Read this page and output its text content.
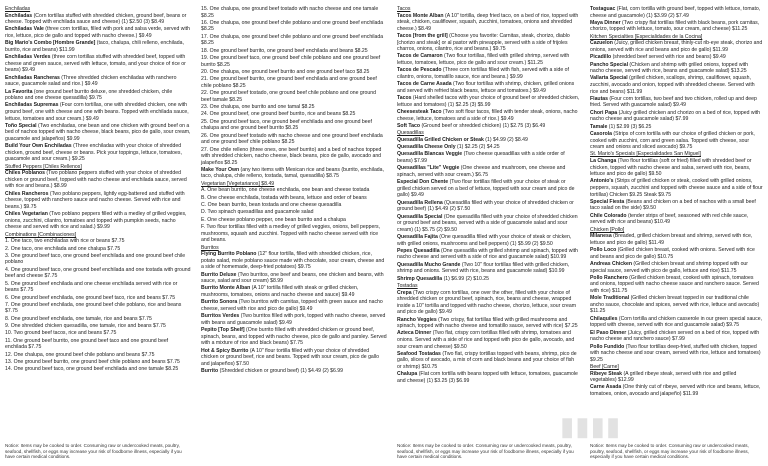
Enchiladas
Enchiladas (Corn tortillas stuffed with shredded chicken, ground beef, beans or cheese. Topped with enchilada sauce and cheese) (1) $2.50 (3) $8.49
Enchiladas Vale (three corn tortillas, filled with pork and salsa verde, served with rice, lettuce, pico de gallo and topped with nacho cheese.) $9.49
Big Mario's Combo [Hombre Grande] (taco, chalupa, chili relleno, enchilada, burrito, rice and beans) $11.99
Enchiladas Verdes (three corn tortillas stuffed with shredded beef, topped with cheese and green sauce, served with lettuce, tomato, and your choice of rice or beans) $9.49
Enchiladas Rancheras (Three shredded chicken enchiladas with ranchero sauce, guacamole salad and rice.) $9.49
La Favorita (one ground beef burrito deluxe, one shredded chicken, chile poblano and one cheese quesadilla) $9.75
Enchiladas Supremas (Four corn tortillas, one with shredded chicken, one with ground beef, one with cheese and one with beans. Topped with enchilada sauce, lettuce, tomatoes and sour cream.) $9.49
Toño Special (Two enchiladas, one bean and one chicken with ground beef on a bed of nachos topped with nacho cheese, black beans, pico de gallo, sour cream, guacamole and jalapeños) $9.99
Build Your Own Enchiladas (Three enchiladas with your choice of shredded chicken, ground beef, cheese or beans. Pick your toppings, lettuce, tomatoes, guacamole and sour cream.) $9.25
Stuffed Peppers [Chiles Rellenos]
Chiles Poblanos (Two poblano peppers stuffed with your choice of shredded chicken or ground beef, topped with nacho cheese and enchilada sauce, served with rice and beans.) $8.99
Chiles Rancheros (Two poblano peppers, lightly egg-battered and stuffed with cheese, topped with ranchero sauce and nacho cheese. Served with rice and beans.) $9.75
Chiles Vegetarian (Two poblano peppers filled with a medley of grilled veggies, onions, zucchini, cilantro, tomatoes and topped with pumpkin seeds, nacho cheese and served with rice and salad.) $9.99
Combinations [Combinaciones]
1. One taco, two enchiladas with rice or beans $7.75
2. One taco, one enchilada and one chalupa $7.75
3. One ground beef taco, one ground beef enchilada and one ground beef chile poblano
4. One ground beef taco, one ground beef enchilada and one tostada with ground beef and cheese $7.75
5. One ground beef enchilada and one cheese enchilada served with rice or beans $7.75
6. One ground beef enchilada, one ground beef taco, rice and beans $7.75
7. One ground beef enchilada, one ground beef chile poblano, rice and beans $7.75
8. One ground beef enchilada, one tamale, rice and beans $7.75
9. One shredded chicken quesadilla, one tamale, rice and beans $7.75
10. Two ground beef tacos, rice and beans $7.75
11. One ground beef burrito, one ground beef taco and one ground beef enchilada $7.75
12. One chalupa, one ground beef chile poblano and beans $7.75
13. One ground beef burrito, one ground beef chile poblano and beans $7.75
14. One ground beef taco, one ground beef enchilada and one tamale $8.25
Notice: Items may be cooked to order. Consuming raw or undercooked meats, poultry, seafood, shellfish, or eggs may increase your risk of foodborne illness, especially if you have certain medical conditions.
15. One chalupa, one ground beef tostado with nacho cheese and one tamale $8.25
16. One chalupa, one ground beef chile poblano and one ground beef enchilada $8.25
17. One chalupa, one ground beef chile poblano and one ground beef enchilada $8.25
18. One ground beef burrito, one ground beef enchilada and beans $8.25
19. One ground beef taco, one ground beef chile poblano and one ground beef burrito $8.25
20. One chalupa, one ground beef burrito and one ground beef taco $8.25
21. One ground beef burrito, one ground beef enchilada and one ground beef chile poblano $8.25
22. One ground beef tostado, one ground beef chile poblano and one ground beef tamale $8.25
23. One chalupa, one burrito and one tamal $8.25
24. One ground beef, one ground beef burrito, rice and beans $8.25
25. One ground beef taco, one ground beef enchilada and one ground beef chalupa and one ground beef burrito $8.25
26. One ground beef tostado with nacho cheese and one ground beef enchilada and one ground beef chile poblano $8.25
27. One chile relleno (three ones, one beef burrito) and a bed of nachos topped with shredded chicken, nacho cheese, black beans, pico de gallo, avocado and jalapeños $8.25
Make Your Own (any two items with Mexican rice and beans (burrito, enchilada, taco, chalupa, chile relleno, tostada, tamal, quesadilla) $8.75
Vegetarian [Vegetarianos] $8.49
A. One bean burrito, one cheese enchilada, one bean and cheese tostada
B. One cheese enchilada, tostada with beans, lettuce and order of beans
C. One bean burrito, bean tostada and one cheese quesadilla
D. Two spinach quesadillas and guacamole salad
E. One cheese poblano pepper, one bean burrito and a chalupa
F. Two flour tortillas filled with a medley of grilled veggies, onions, bell peppers, mushrooms, squash and zucchini. Topped with nacho cheese served with rice and beans.
Burritos
Flying Burrito Poblano (12" flour tortilla, filled with shredded chicken, rice, potato salad, mole poblano sauce made with chocolate, sour cream, cheese and a side of homemade, deep-fried potatoes) $9.75
Burrito Deluxe (Two burritos, one beef and beans, one chicken and beans, with sauce, salad and sour cream) $8.99
Burrito Monte Alban (A 10" tortilla filled with steak or grilled chicken, mushrooms, tomatoes, onions and nacho cheese and sauce) $9.49
Burrito Sonora (Two burritos with carnitas, topped with green sauce and nacho cheese, served with rice and pico de gallo) $9.49
Burritos Verdes (Two burritos filled with pork, topped with nacho cheese, served with beans and guacamole salad) $9.49
Pepito [Top Shelf] (One burrito filled with shredded chicken or ground beef, spinach, beans, and topped with nacho cheese, pico de gallo and parsley. Served with a mixture of rice and black beans) $7.75
Hot & Spicy Burrito (A 10" flour tortilla filled with your choice of shredded chicken or ground beef, rice and beans. Topped with sour cream, pico de gallo and jalapeños) $7.50
Burrito (Shredded chicken or ground beef) (1) $4.49 (2) $6.99
Tacos
Tacos Monte Alban (A 10" tortilla, deep fried taco, on a bed of rice, topped with steak, chicken, cauliflower, squash, zucchini, tomatoes, onions and shredded cheese.) $8.49
Tacos [from the grill] (Choose you favorite: Carnitas, steak, chorizo, diablo [chorizo and steak] or al pastor with pineapple, served with a side of frijoles charros, onions, cilantro, rice and beans.) $9.75
Tacos de Camaron (Two flour tortillas, filled with grilled shrimp, served with lettuce, tomatoes, lettuce, pico de gallo and sour cream.) $11.25
Tacos de Pescado (Three corn tortillas filled with fish, served with a side of cilantro, onions, tomatillo sauce, rice and beans.) $9.99
Tacos de Carne Asada (Two flour tortillas with shrimp, chicken, grilled onions and served with refried black beans, lettuce and tomatoes.) $9.49
Tacos (Hard shelled tacos with your choice of ground beef or shredded chicken, lettuce and tomatoes) (1) $2.25 (3) $5.99
Cheesesteak Taco (Two soft flour tacos, filled with tender steak, onions, nacho cheese, lettuce, tomatoes and a side of rice.) $9.49
Soft Taco (Ground beef or shredded chicken) (1) $2.75 (3) $6.49
Quesadillas
Quesadilla Grilled Chicken or Steak (1) $4.99 (2) $8.49
Quesadilla Cheese Only (1) $2.25 (2) $4.25
Quesadilla Blancas Veggie (Two cheese quesadillas with a side order of beans) $7.99
Quesadillas "Lite" Veggie (One cheese and mushroom, one cheese and spinach, served with sour cream.) $6.75
Especial Don Chente (Two flour tortillas filled with your choice of steak or grilled chicken served on a bed of lettuce, topped with sour cream and pico de gallo) $9.49
Quesadilla Rellena (Quesadilla filled with your choice of shredded chicken or ground beef) (1) $4.49 (2) $7.50
Quesadilla Special (One quesadilla filled with your choice of shredded chicken or ground beef and beans, served with a side of guacamole salad and sour cream) (1) $5.75 (2) $9.50
Quesadilla Fajita (One quesadilla filled with your choice of steak or chicken, with grilled onions, mushrooms and bell peppers) (1) $5.99 (2) $9.50
Pepes Quesadilla (One quesadilla with grilled shrimp and spinach, topped with nacho cheese and served with a side of rice and guacamole salad) $10.99
Quesadilla Mucho Grande (Two 10" flour tortillas filled with grilled chicken, shrimp and onions. Served with rice, beans and guacamole salad) $10.99
Shrimp Quesadilla (1) $6.99 (2) $10.25
Tostadas
Crepa (Two crispy corn tortillas, one over the other, filled with your choice of shredded chicken or ground beef, spinach, rice, beans and cheese, wrapped inside a 10" tortilla and topped with nacho cheese, chorizo, lettuce, sour cream and pico de gallo) $9.49
Rancho Veggies (Two crispy, flat tortillas filled with grilled mushrooms and spinach, topped with nacho cheese and tomatillo sauce, served with rice) $7.25
Azteca Dinner (Two flat, crispy corn tortillas filled with shrimp, tomatoes and onions. Served with a side of rice and topped with pico de gallo, avocado, and sour cream and cheese) $9.50
Seafood Tostadas (Two flat, crispy tortillas topped with beans, shrimp, pico de gallo, slices of avocado, a mix of corn and black beans and your choice of fish or shrimp) $10.75
Chalupa (Flat corn tortilla with beans topped with lettuce, tomatoes, guacamole and cheese) (1) $3.25 (3) $6.99
Notice: Items may be cooked to order. Consuming raw or undercooked meats, poultry, seafood, shellfish, or eggs may increase your risk of foodborne illness, especially if you have certain medical conditions.
Tostaguac (Flat, corn tortilla with ground beef, topped with lettuce, tomato, cheese and guacamole) (1) $3.99 (2) $7.49
Maya Dinner (Two crispy flat tortillas filled with black beans, pork carnitas, chorizo, topped with lettuce, tomato, sour cream, and cheese) $11.25
Kitchen Specialties [Especialidades de la Cocina]
Cazuelon (Juicy, grilled chicken breast, thinly-cut rib-eye steak, chorizo and onions, served with rice and beans and pico de gallo) $11.99
Picadillo (shredded beef served with rice and beans) $9.49
Pancho Special (Chicken and shrimp with grilled onions, topped with nacho cheese, served with rice, beans and guacamole salad) $13.25
Vallarta Special (grilled chicken, scallops, shrimp, cauliflower, squash, zucchini, avocado and onion, topped with shredded cheese. Served with rice and beans) $11.99
Flautas (Four corn tortillas, two beef and two chicken, rolled up and deep fried. Served with guacamole salad) $9.49
Chori Papa (Juicy grilled chicken and chorizo on a bed of rice, topped with nacho cheese and guacamole salad) $7.99
Tamale (1) $2.99 (3) $6.25
Casorola (Strips of corn tortilla with our choice of grilled chicken or pork, cooked with zucchini, corn and green salsa. Topped with cheese, sour cream and onions and sliced avocado) $9.75
St. Mario's Specials [Especialidades San Miguel]
La Changa (Two flour tortillas (soft or fried) filled with shredded beef or chicken, topped with nacho cheese and salsa, served with rice, beans, lettuce and pico de gallo) $9.50
Antonio's (Strips of grilled chicken or steak, cooked with grilled onions, peppers, squash, zucchini and topped with cheese sauce and a side of flour tortillas) Chicken $9.25 Steak $9.75
Special Fiesta (Beans and chicken on a bed of nachos with a small beef taco salad on the side) $9.50
Chile Colorado (tender strips of beef, seasoned with red chile sauce, served with rice and beans) $10.49
Chicken [Pollo]
Milanesa (Breaded, grilled chicken breast and shrimp, served with rice, lettuce and pico de gallo) $11.49
Pollo Loco (Grilled chicken breast, cooked with onions. Served with rice and beans and pico de gallo) $10.75
Andreas Chicken (Grilled chicken breast and shrimp topped with our special sauce, served with pico de gallo, lettuce and rice) $11.75
Pollo Ranchero (Grilled chicken breast, cooked with spinach, tomatoes and onions, topped with nacho cheese sauce and ranchero sauce. Served with rice) $11.75
Mole Traditional (Grilled chicken breast topped in our traditional chile ancho sauce, chocolate and spices, served with rice, lettuce and avocado) $11.25
Chilaquiles (Corn tortilla and chicken casserole in our green special sauce, topped with cheese, served with rice and guacamole salad) $9.75
El Paso Dinner (Juicy, grilled chicken served on a bed of rice, topped with nacho cheese and ranchero sauce) $7.99
Pollo Fundido (Two flour tortillas deep-fried, stuffed with chicken, topped with nacho cheese and sour cream, served with rice, lettuce and tomatoes) $9.25
Beef [Carne]
Ribeye Steak (A grilled ribeye steak, served with rice and grilled vegetables) $12.99
Carne Asada (One thinly cut of ribeye, served with rice and beans, lettuce, tomatoes, onion, avocado and jalapeño) $11.99
Notice: Items may be cooked to order. Consuming raw or undercooked meats, poultry, seafood, shellfish, or eggs may increase your risk of foodborne illness, especially if you have certain medical conditions.
▮▮▮▮
